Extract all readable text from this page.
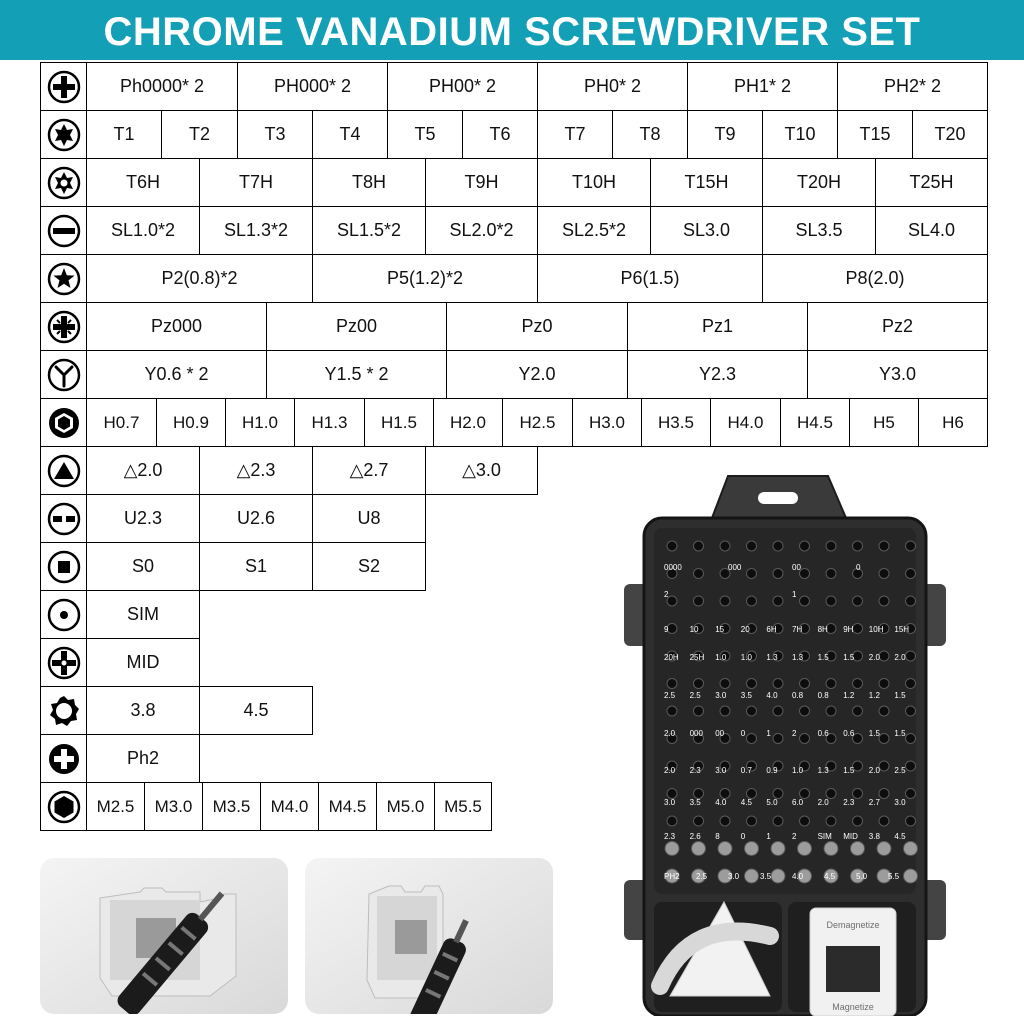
CHROME VANADIUM SCREWDRIVER SET
Ph0000* 2	PH000* 2	PH00* 2	PH0* 2	PH1* 2	PH2* 2
T1	T2	T3	T4	T5	T6	T7	T8	T9	T10	T15	T20
T6H	T7H	T8H	T9H	T10H	T15H	T20H	T25H
SL1.0*2	SL1.3*2	SL1.5*2	SL2.0*2	SL2.5*2	SL3.0	SL3.5	SL4.0
P2(0.8)*2	P5(1.2)*2	P6(1.5)	P8(2.0)
Pz000	Pz00	Pz0	Pz1	Pz2
Y0.6 * 2	Y1.5 * 2	Y2.0	Y2.3	Y3.0
H0.7	H0.9	H1.0	H1.3	H1.5	H2.0	H2.5	H3.0	H3.5	H4.0	H4.5	H5	H6
△2.0	△2.3	△2.7	△3.0
U2.3	U2.6	U8
S0	S1	S2
SIM
MID
3.8	4.5
Ph2
M2.5	M3.0	M3.5	M4.0	M4.5	M5.0	M5.5
0000	000	00	0
2	1
9	10 15 20 6H 7H 8H 9H 10H 15H
20H 25H 1.0 1.0 1.3 1.3 1.5 1.5 2.0 2.0
2.5 2.5 3.0 3.5 4.0 0.8 0.8 1.2 1.2 1.5
2.0 000 00 0	1	2	0.6 0.6 1.5 1.5
2.0 2.3 3.0 0.7 0.9 1.0 1.3 1.5 2.0 2.5
3.0 3.5 4.0 4.5 5.0 6.0 2.0 2.3 2.7 3.0
2.3 2.6 8	0	1	2	SIM MID 3.8 4.5
PH2 2.5	3.0	3.5	4.0	4.5	5.0	5.5
Demagnetize
Magnetize
